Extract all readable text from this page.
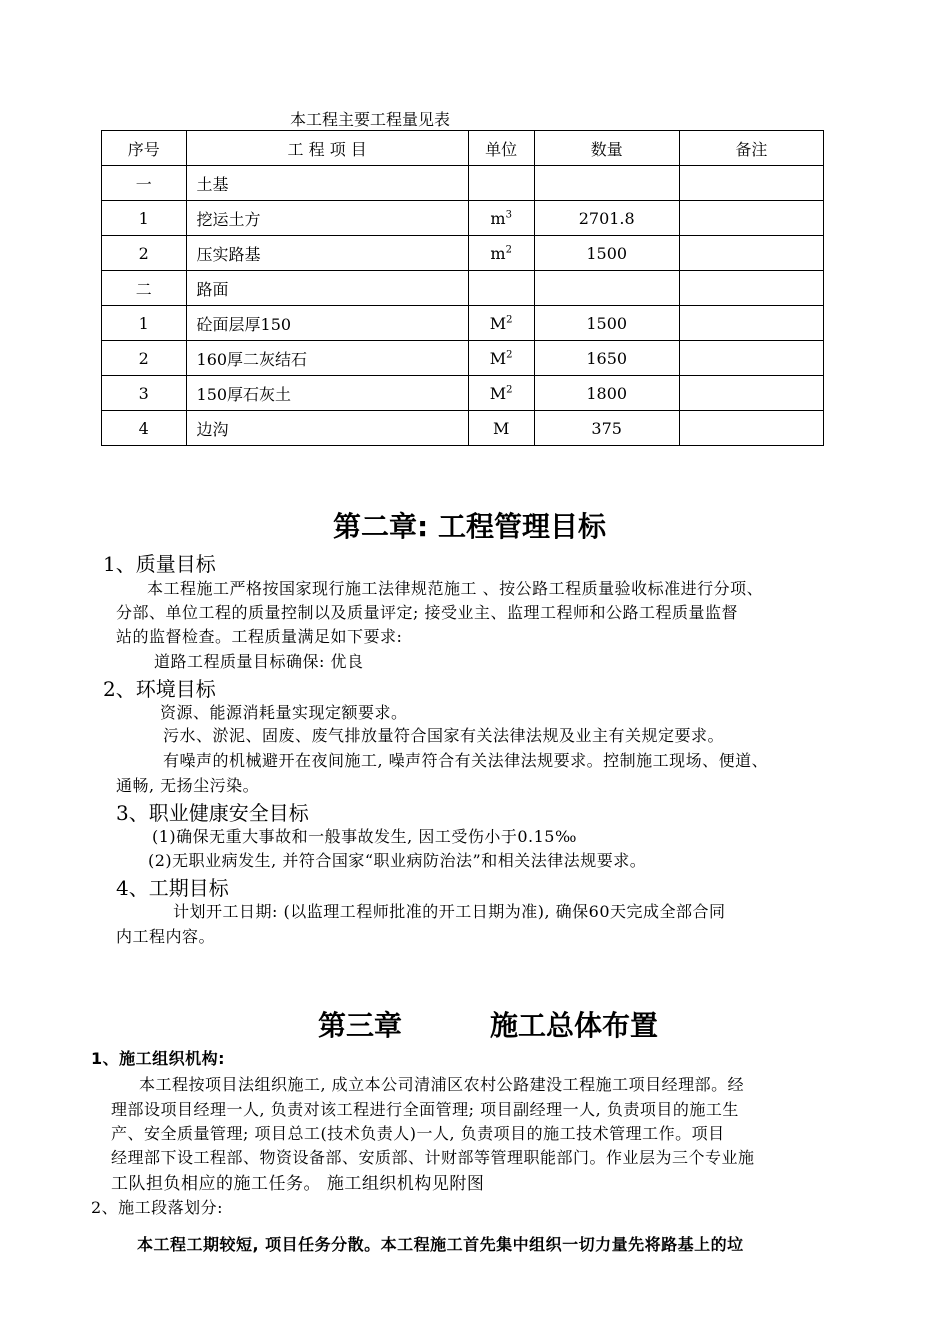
本工程主要工程量见表
序号	工 程 项 目	单位	数量	备注
一	土基			
1	挖运土方	$m^3$	2701.8	
2	压实路基	$m^2$	1500	
二	路面			
1	砼面层厚150	$M^2$	1500	
2	160厚二灰结石	$M^2$	1650	
3	150厚石灰土	$M^2$	1800	
4	边沟	M	375	
第二章: 工程管理目标
1、质量目标
本工程施工严格按国家现行施工法律规范施工 、按公路工程质量验收标准进行分项、
分部、单位工程的质量控制以及质量评定; 接受业主、监理工程师和公路工程质量监督
站的监督检查。工程质量满足如下要求:
道路工程质量目标确保: 优良
2、环境目标
资源、能源消耗量实现定额要求。
污水、淤泥、固废、废气排放量符合国家有关法律法规及业主有关规定要求。
有噪声的机械避开在夜间施工, 噪声符合有关法律法规要求。控制施工现场、便道、
通畅, 无扬尘污染。
3、职业健康安全目标
(1)确保无重大事故和一般事故发生, 因工受伤小于0.15‰
(2)无职业病发生, 并符合国家“职业病防治法”和相关法律法规要求。
4、工期目标
计划开工日期: (以监理工程师批准的开工日期为准), 确保60天完成全部合同
内工程内容。
第三章	施工总体布置
1、施工组织机构:
本工程按项目法组织施工, 成立本公司清浦区农村公路建没工程施工项目经理部。经
理部设项目经理一人, 负责对该工程进行全面管理; 项目副经理一人, 负责项目的施工生
产、安全质量管理; 项目总工(技术负责人)一人, 负责项目的施工技术管理工作。项目
经理部下设工程部、物资设备部、安质部、计财部等管理职能部门。作业层为三个专业施
工队担负相应的施工任务。 施工组织机构见附图
2、施工段落划分:
本工程工期较短, 项目任务分散。本工程施工首先集中组织一切力量先将路基上的垃
